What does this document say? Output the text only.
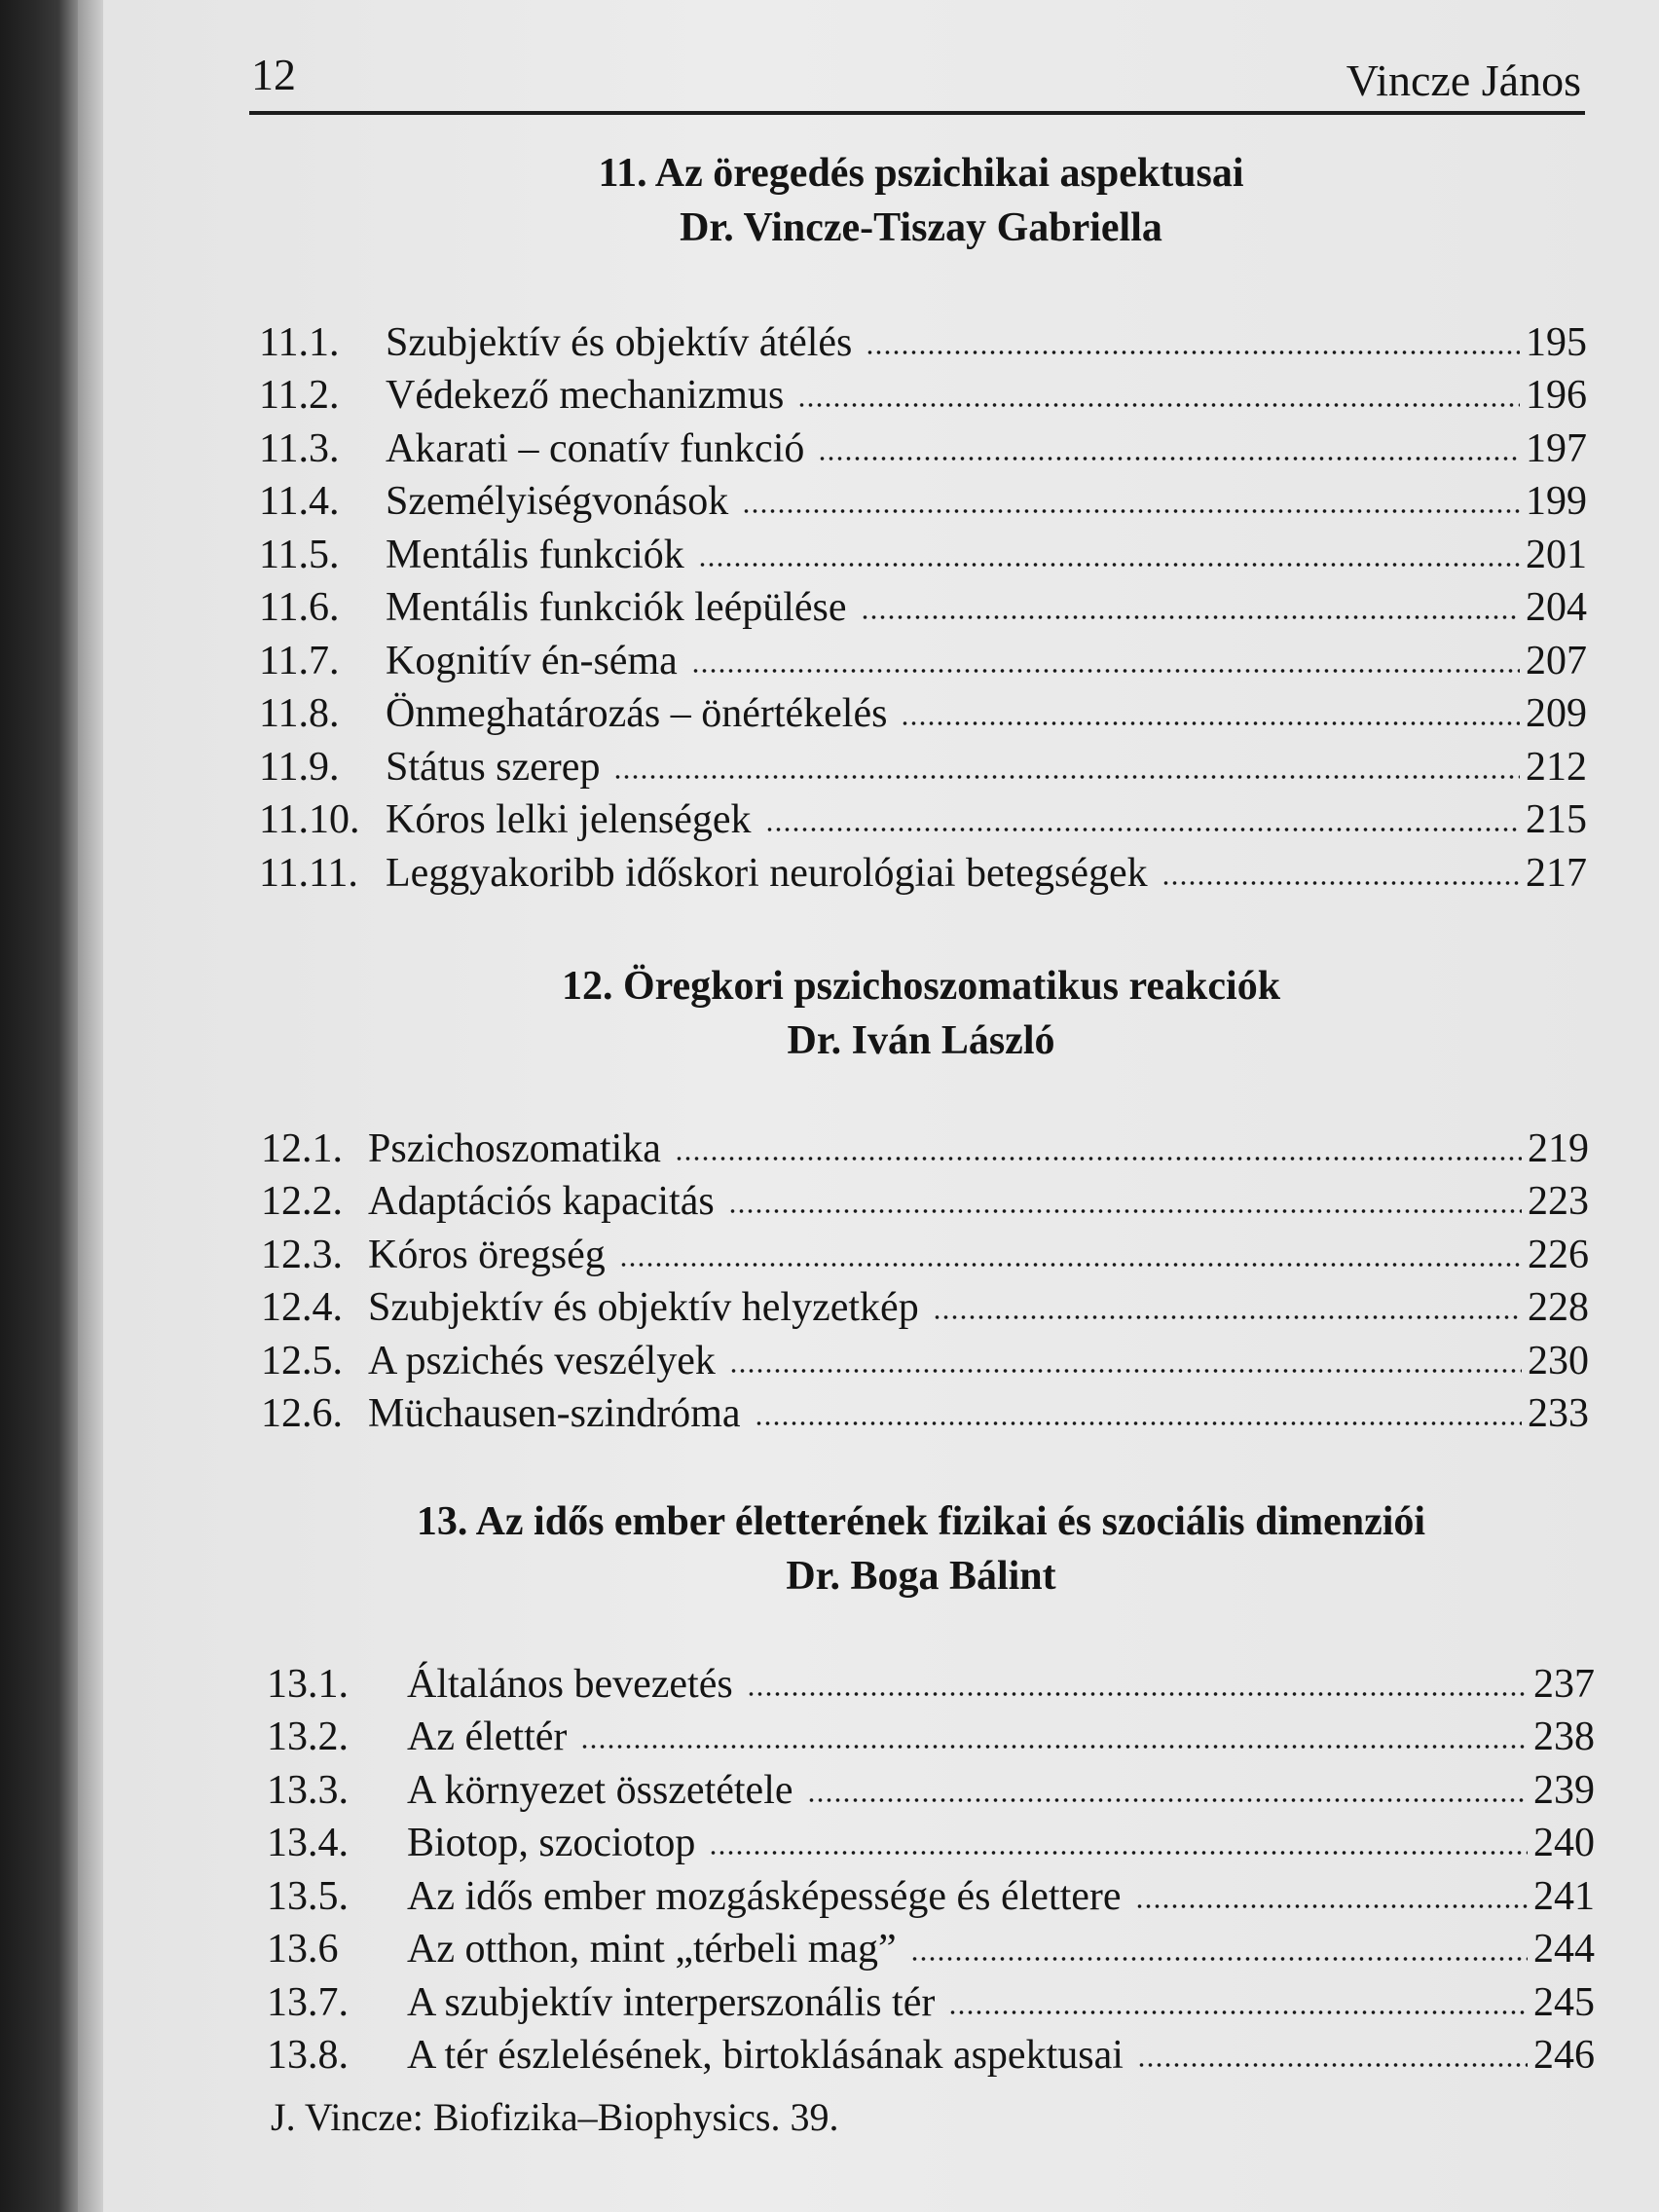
12	Vincze János
11. Az öregedés pszichikai aspektusai
Dr. Vincze-Tiszay Gabriella
11.1.	Szubjektív és objektív átélés	195
11.2.	Védekező mechanizmus	196
11.3.	Akarati – conatív funkció	197
11.4.	Személyiségvonások	199
11.5.	Mentális funkciók	201
11.6.	Mentális funkciók leépülése	204
11.7.	Kognitív én-séma	207
11.8.	Önmeghatározás – önértékelés	209
11.9.	Státus szerep	212
11.10. Kóros lelki jelenségek	215
11.11. Leggyakoribb időskori neurológiai betegségek	217
12. Öregkori pszichoszomatikus reakciók
Dr. Iván László
12.1. Pszichoszomatika	219
12.2. Adaptációs kapacitás	223
12.3. Kóros öregség	226
12.4. Szubjektív és objektív helyzetkép	228
12.5. A pszichés veszélyek	230
12.6. Müchausen-szindróma	233
13. Az idős ember életterének fizikai és szociális dimenziói
Dr. Boga Bálint
13.1.	Általános bevezetés	237
13.2.	Az élettér	238
13.3.	A környezet összetétele	239
13.4.	Biotop, szociotop	240
13.5.	Az idős ember mozgásképessége és élettere	241
13.6	Az otthon, mint „térbeli mag”	244
13.7.	A szubjektív interperszonális tér	245
13.8.	A tér észlelésének, birtoklásának aspektusai	246
J. Vincze: Biofizika–Biophysics. 39.
